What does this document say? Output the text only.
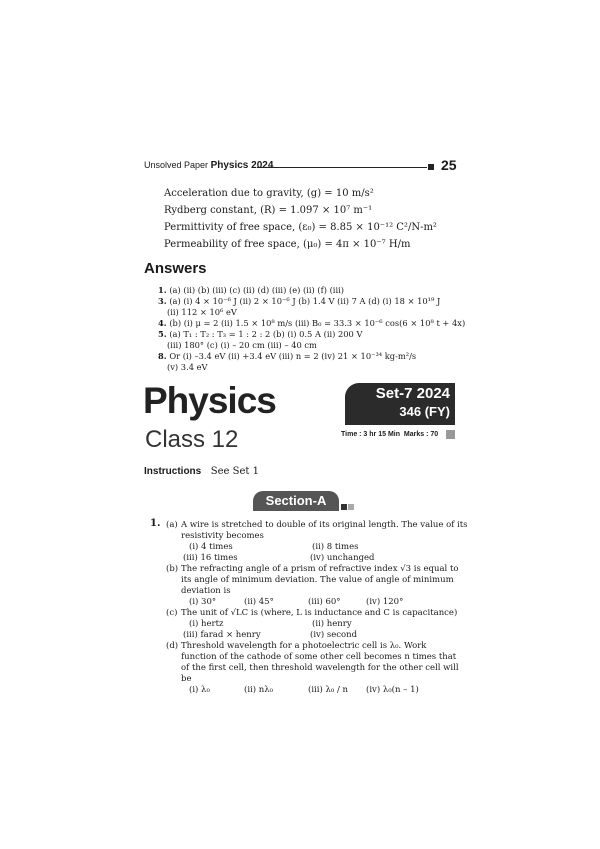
Unsolved Paper Physics 2024	25
Acceleration due to gravity, (g) = 10 m/s²
Rydberg constant, (R) = 1.097 × 10⁷ m⁻¹
Permittivity of free space, (ε₀) = 8.85 × 10⁻¹² C²/N-m²
Permeability of free space, (μ₀) = 4π × 10⁻⁷ H/m
Answers
1. (a) (ii) (b) (iii) (c) (ii) (d) (iii) (e) (ii) (f) (iii)
3. (a) (i) 4 × 10⁻⁶ J (ii) 2 × 10⁻⁶ J (b) 1.4 V (ii) 7 A (d) (i) 18 × 10¹⁹ J
(ii) 112 × 10⁶ eV
4. (b) (i) μ = 2 (ii) 1.5 × 10⁸ m/s (iii) B₀ = 33.3 × 10⁻⁶ cos(6 × 10⁸ t + 4x)
5. (a) T₁ : T₂ : T₃ = 1 : 2 : 2 (b) (i) 0.5 A (ii) 200 V
(iii) 180° (c) (i) – 20 cm (iii) – 40 cm
8. Or (i) –3.4 eV (ii) +3.4 eV (iii) n = 2 (iv) 21 × 10⁻³⁴ kg-m²/s
(v) 3.4 eV
Physics
Class 12
Set-7 2024
346 (FY)
Time : 3 hr 15 Min Marks : 70
Instructions See Set 1
Section-A
1. (a) A wire is stretched to double of its original length. The value of its
resistivity becomes
(i) 4 times	(ii) 8 times
(iii) 16 times	(iv) unchanged
(b) The refracting angle of a prism of refractive index √3 is equal to
its angle of minimum deviation. The value of angle of minimum
deviation is
(i) 30°	(ii) 45°	(iii) 60°	(iv) 120°
(c) The unit of √LC is (where, L is inductance and C is capacitance)
(i) hertz	(ii) henry
(iii) farad × henry	(iv) second
(d) Threshold wavelength for a photoelectric cell is λ₀. Work
function of the cathode of some other cell becomes n times that
of the first cell, then threshold wavelength for the other cell will
be
(i) λ₀	(ii) nλ₀	(iii) λ₀ / n (iv) λ₀(n – 1)
